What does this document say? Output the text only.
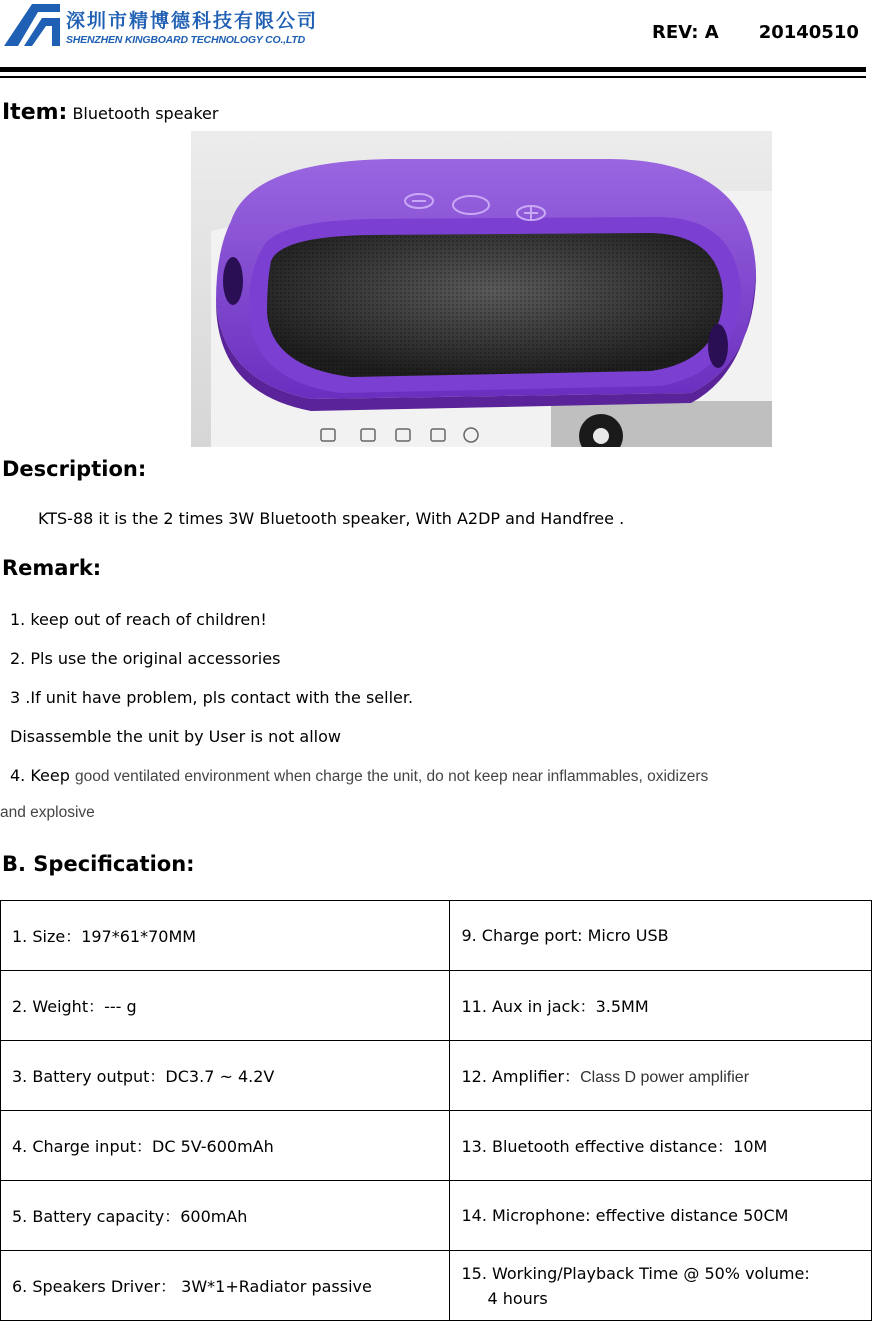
深圳市精博德科技有限公司
SHENZHEN KINGBOARD TECHNOLOGY CO.,LTD	REV: A 20140510
Item: Bluetooth speaker
Description:
KTS-88 it is the 2 times 3W Bluetooth speaker, With A2DP and Handfree .
Remark:
1. keep out of reach of children!
2. Pls use the original accessories
3 .If unit have problem, pls contact with the seller.
Disassemble the unit by User is not allow
4. Keep good ventilated environment when charge the unit, do not keep near inflammables, oxidizers
and explosive
B. Specification:
1. Size：197*61*70MM	9. Charge port: Micro USB
2. Weight：--- g	11. Aux in jack：3.5MM
3. Battery output：DC3.7 ~ 4.2V	12. Amplifier：Class D power amplifier
4. Charge input：DC 5V-600mAh	13. Bluetooth effective distance：10M
5. Battery capacity：600mAh	14. Microphone: effective distance 50CM
6. Speakers Driver： 3W*1+Radiator passive	15. Working/Playback Time @ 50% volume:
4 hours
